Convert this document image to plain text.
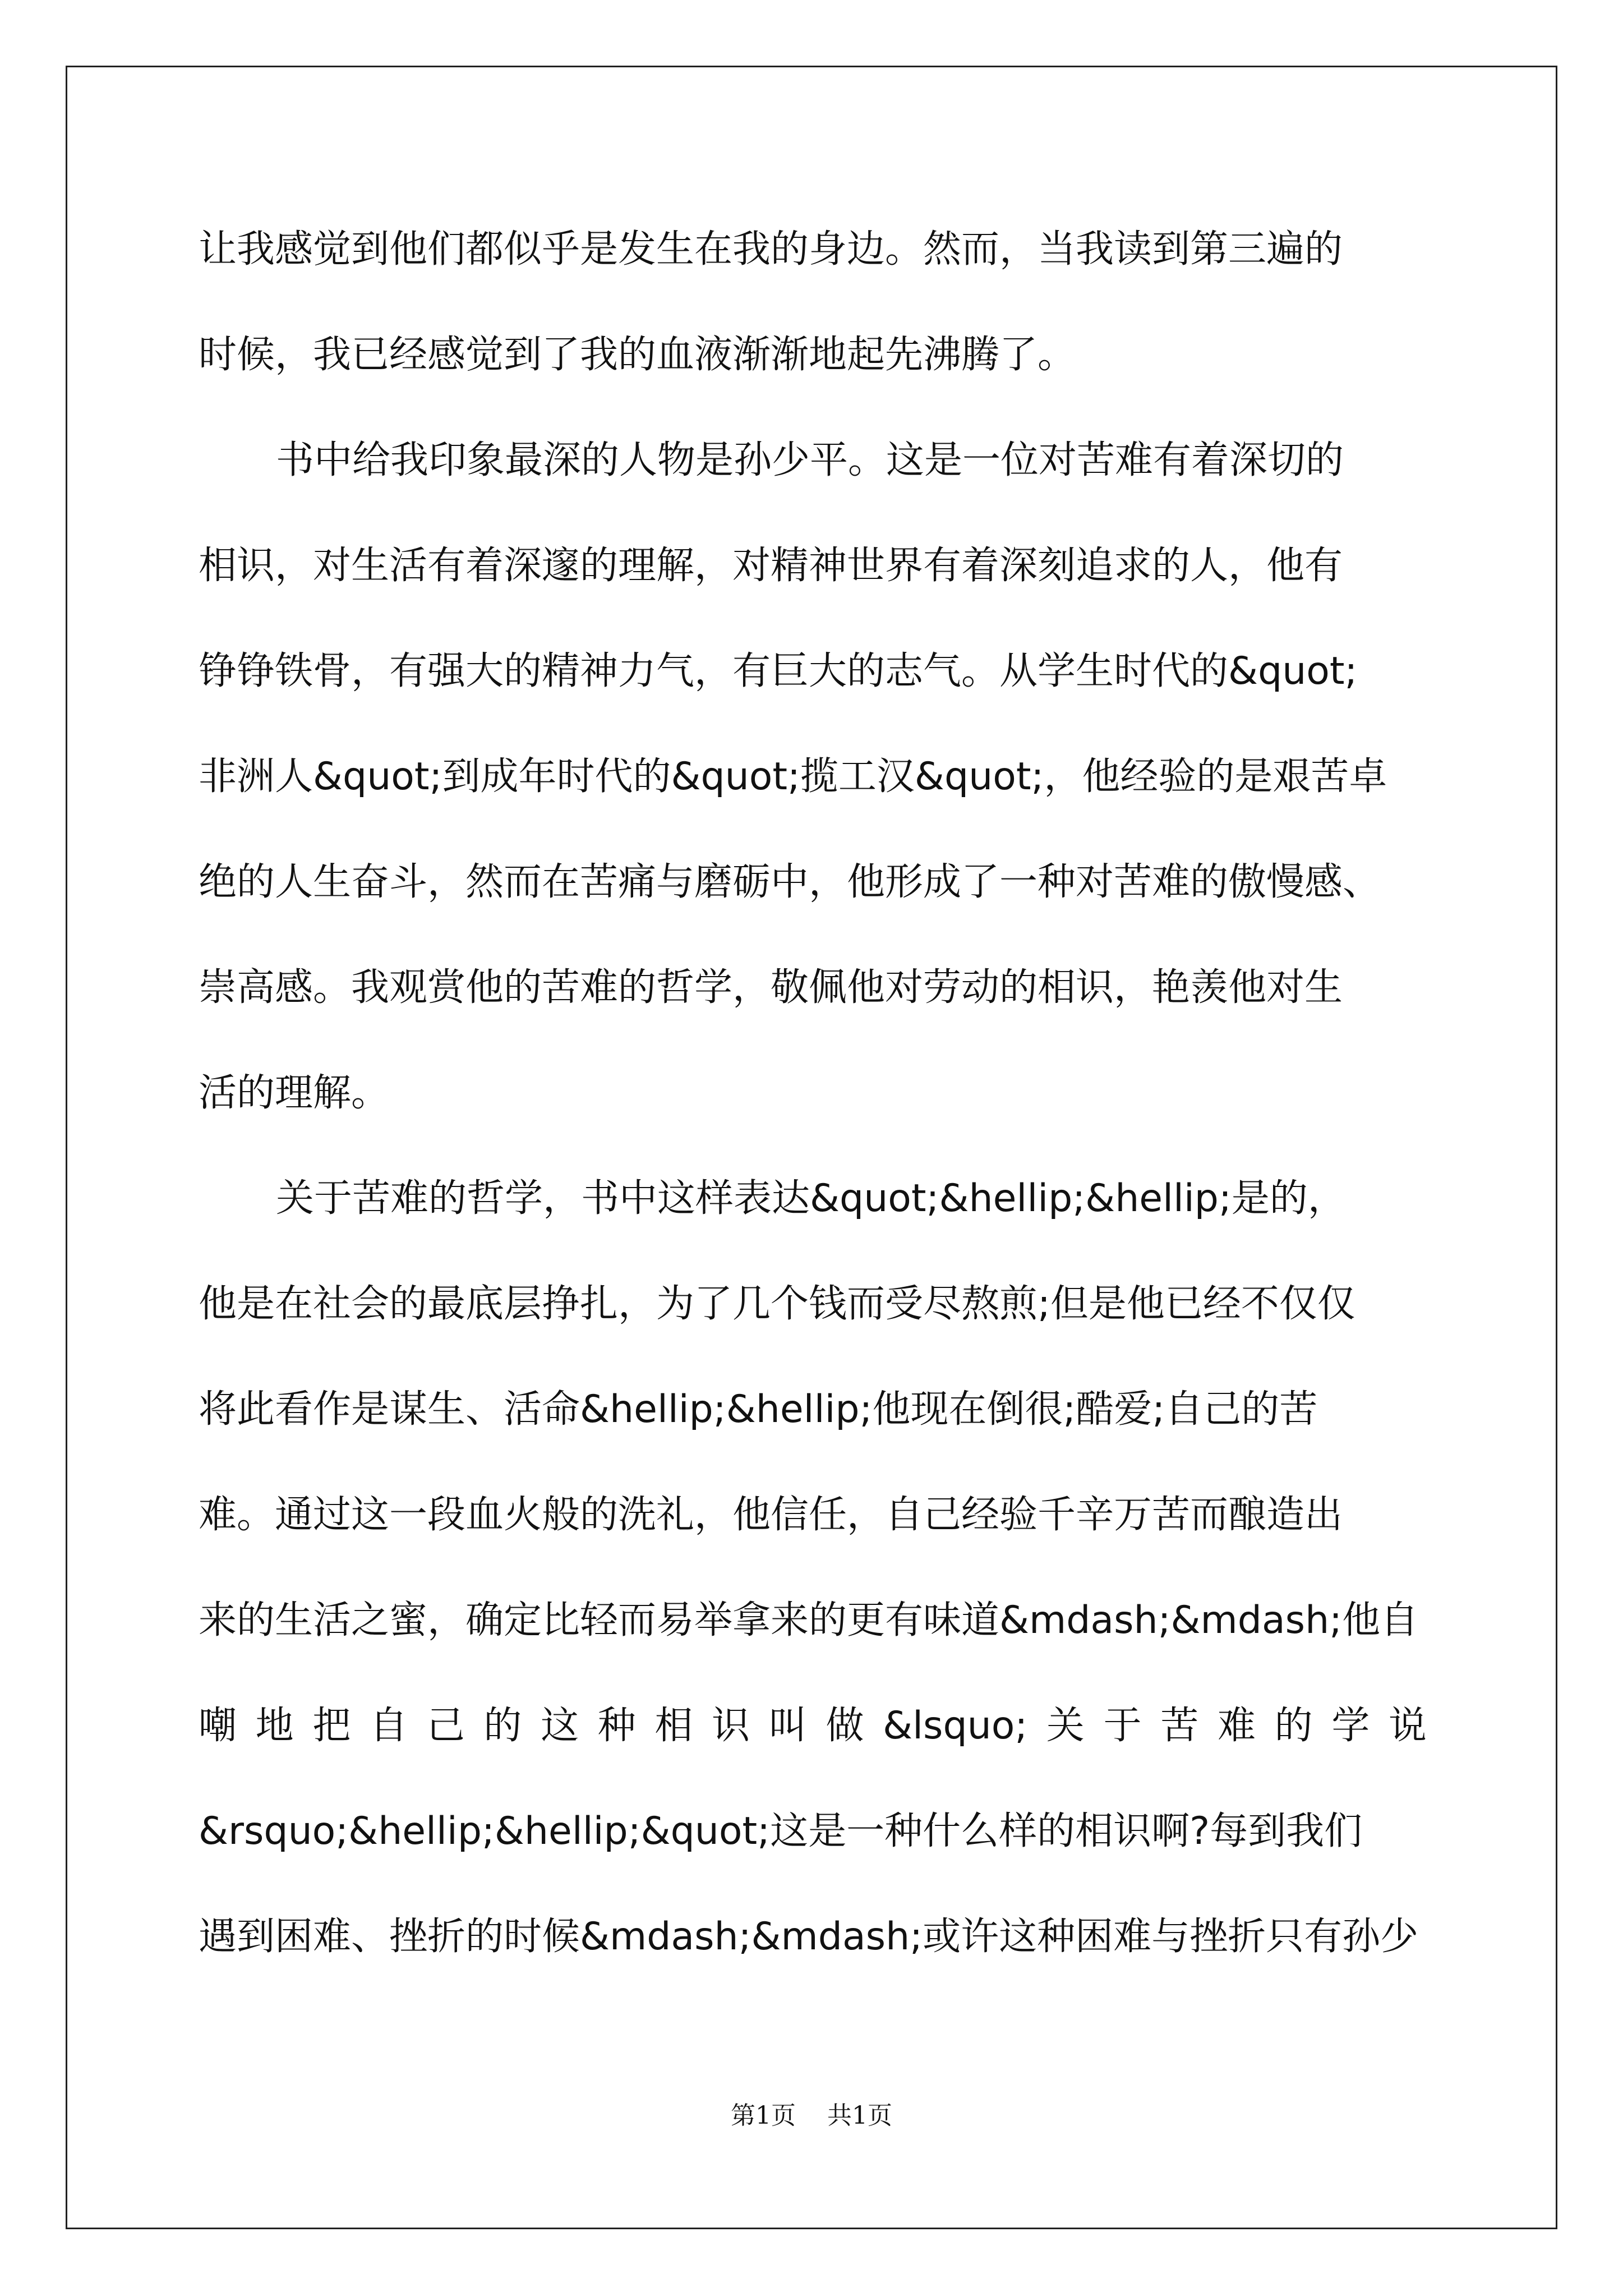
让我感觉到他们都似乎是发生在我的身边。然而，当我读到第三遍的
时候，我已经感觉到了我的血液渐渐地起先沸腾了。
书中给我印象最深的人物是孙少平。这是一位对苦难有着深切的
相识，对生活有着深邃的理解，对精神世界有着深刻追求的人，他有
铮铮铁骨，有强大的精神力气，有巨大的志气。从学生时代的&quot;
非洲人&quot;到成年时代的&quot;揽工汉&quot;，他经验的是艰苦卓
绝的人生奋斗，然而在苦痛与磨砺中，他形成了一种对苦难的傲慢感、
崇高感。我观赏他的苦难的哲学，敬佩他对劳动的相识，艳羡他对生
活的理解。
关于苦难的哲学，书中这样表达&quot;&hellip;&hellip;是的，
他是在社会的最底层挣扎，为了几个钱而受尽熬煎;但是他已经不仅仅
将此看作是谋生、活命&hellip;&hellip;他现在倒很;酷爱;自己的苦
难。通过这一段血火般的洗礼，他信任，自己经验千辛万苦而酿造出
来的生活之蜜，确定比轻而易举拿来的更有味道&mdash;&mdash;他自
嘲地把自己的这种相识叫做&lsquo;关于苦难的学说
&rsquo;&hellip;&hellip;&quot;这是一种什么样的相识啊?每到我们
遇到困难、挫折的时候&mdash;&mdash;或许这种困难与挫折只有孙少
第1页 共1页
